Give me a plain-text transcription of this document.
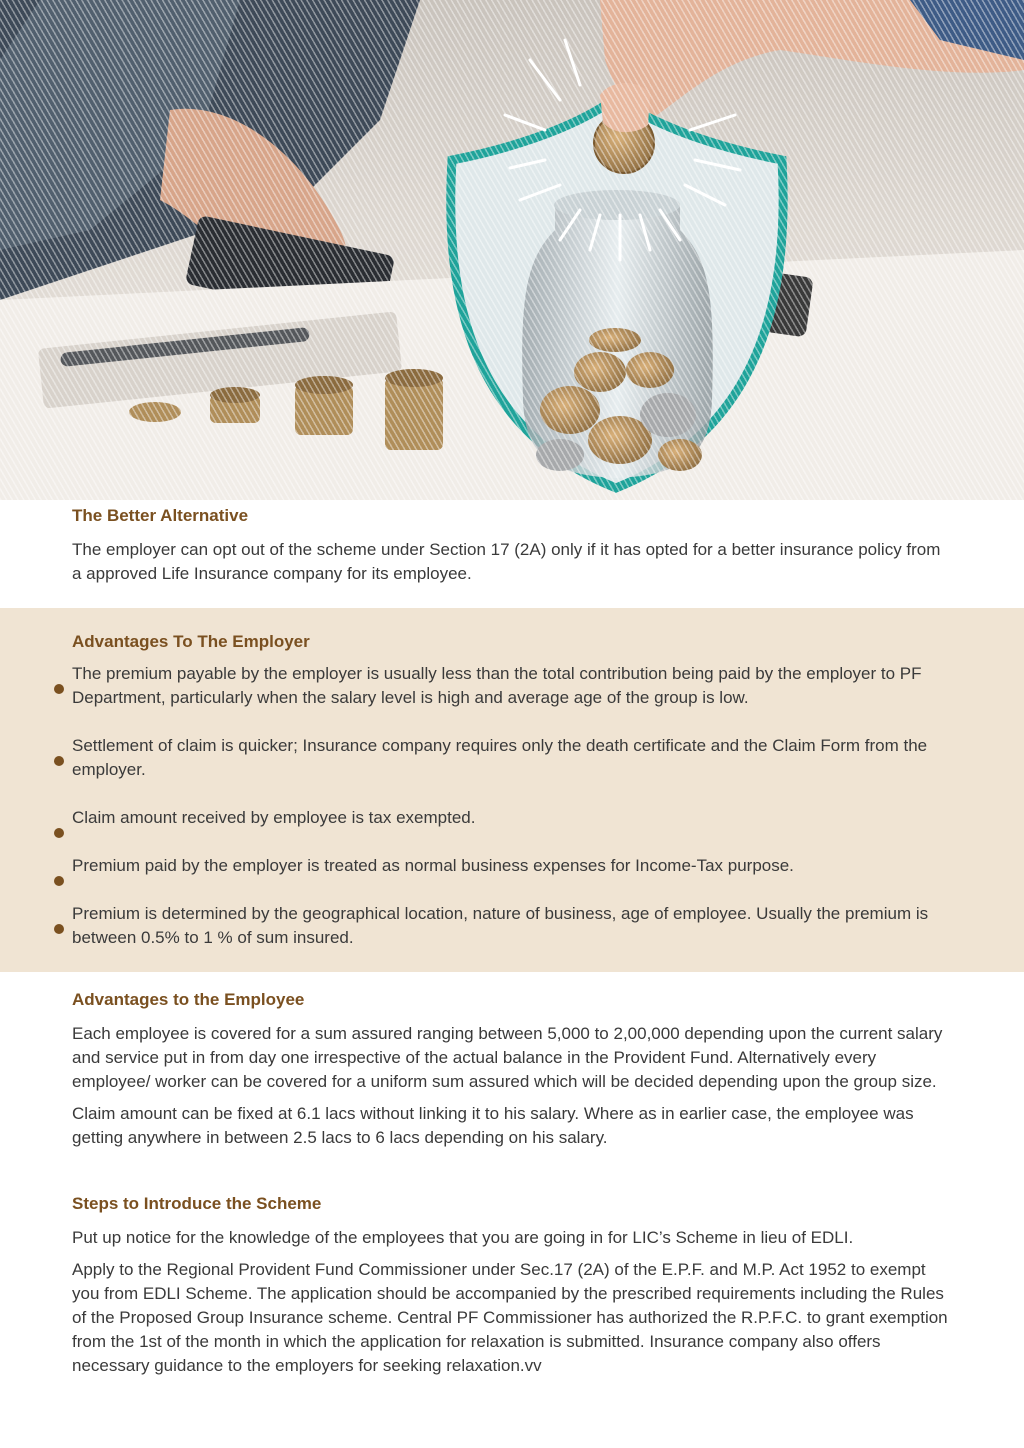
The Better Alternative

The employer can opt out of the scheme under Section 17 (2A) only if it has opted for a better insurance policy from a approved Life Insurance company for its employee.

Advantages To The Employer

The premium payable by the employer is usually less than the total contribution being paid by the employer to PF Department, particularly when the salary level is high and average age of the group is low.

Settlement of claim is quicker; Insurance company requires only the death certificate and the Claim Form from the employer.

Claim amount received by employee is tax exempted.

Premium paid by the employer is treated as normal business expenses for Income-Tax purpose.

Premium is determined by the geographical location, nature of business, age of employee. Usually the premium is between 0.5% to 1 % of sum insured.

Advantages to the Employee

Each employee is covered for a sum assured ranging between 5,000 to 2,00,000 depending upon the current salary and service put in from day one irrespective of the actual balance in the Provident Fund. Alternatively every employee/ worker can be covered for a uniform sum assured which will be decided depending upon the group size.

Claim amount can be fixed at 6.1 lacs without linking it to his salary. Where as in earlier case, the employee was getting anywhere in between 2.5 lacs to 6 lacs depending on his salary.

Steps to Introduce the Scheme

Put up notice for the knowledge of the employees that you are going in for LIC’s Scheme in lieu of EDLI.

Apply to the Regional Provident Fund Commissioner under Sec.17 (2A) of the E.P.F. and M.P. Act 1952 to exempt you from EDLI Scheme. The application should be accompanied by the prescribed requirements including the Rules of the Proposed Group Insurance scheme. Central PF Commissioner has authorized the R.P.F.C. to grant exemption from the 1st of the month in which the application for relaxation is submitted. Insurance company also offers necessary guidance to the employers for seeking relaxation.vv
